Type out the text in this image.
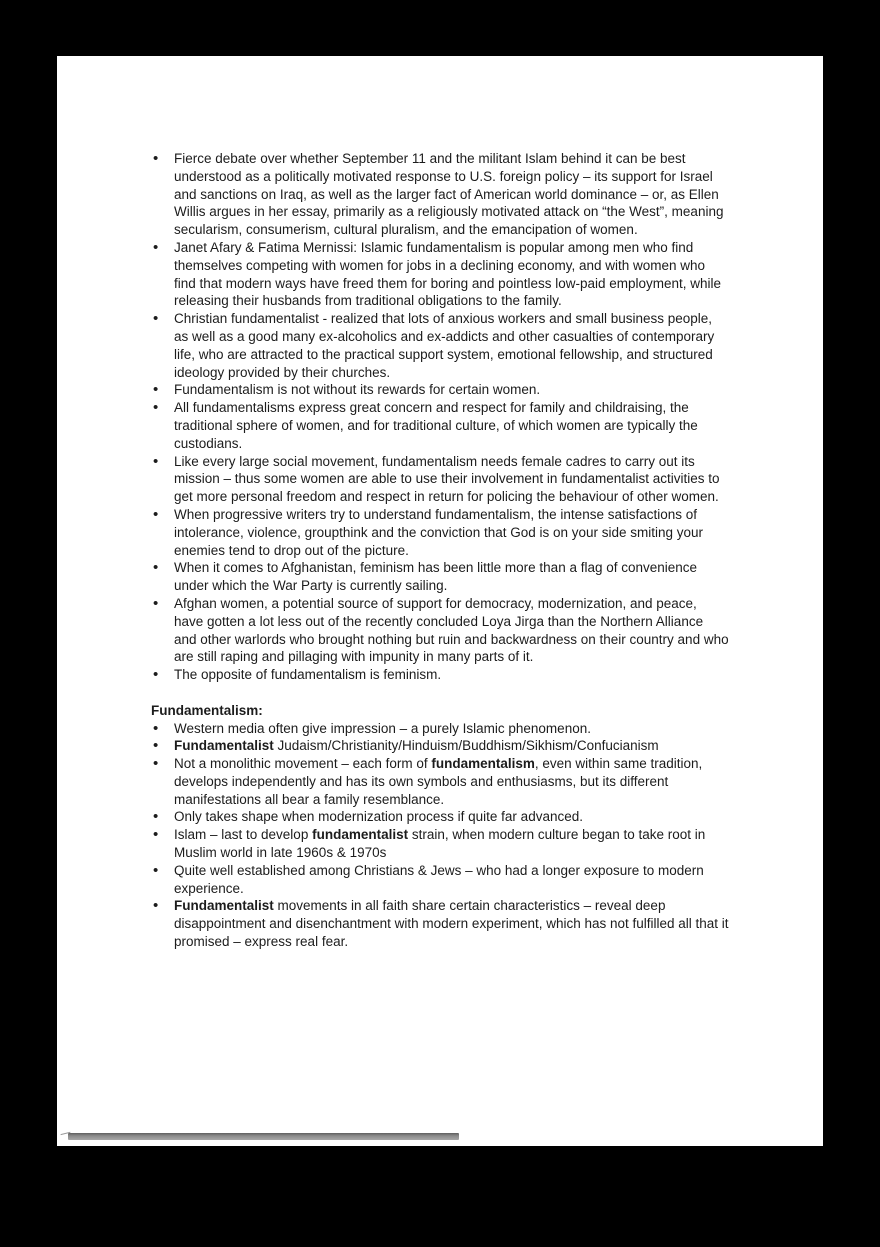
• Fierce debate over whether September 11 and the militant Islam behind it can be best understood as a politically motivated response to U.S. foreign policy – its support for Israel and sanctions on Iraq, as well as the larger fact of American world dominance – or, as Ellen Willis argues in her essay, primarily as a religiously motivated attack on “the West”, meaning secularism, consumerism, cultural pluralism, and the emancipation of women.
• Janet Afary & Fatima Mernissi: Islamic fundamentalism is popular among men who find themselves competing with women for jobs in a declining economy, and with women who find that modern ways have freed them for boring and pointless low-paid employment, while releasing their husbands from traditional obligations to the family.
• Christian fundamentalist - realized that lots of anxious workers and small business people, as well as a good many ex-alcoholics and ex-addicts and other casualties of contemporary life, who are attracted to the practical support system, emotional fellowship, and structured ideology provided by their churches.
• Fundamentalism is not without its rewards for certain women.
• All fundamentalisms express great concern and respect for family and childraising, the traditional sphere of women, and for traditional culture, of which women are typically the custodians.
• Like every large social movement, fundamentalism needs female cadres to carry out its mission – thus some women are able to use their involvement in fundamentalist activities to get more personal freedom and respect in return for policing the behaviour of other women.
• When progressive writers try to understand fundamentalism, the intense satisfactions of intolerance, violence, groupthink and the conviction that God is on your side smiting your enemies tend to drop out of the picture.
• When it comes to Afghanistan, feminism has been little more than a flag of convenience under which the War Party is currently sailing.
• Afghan women, a potential source of support for democracy, modernization, and peace, have gotten a lot less out of the recently concluded Loya Jirga than the Northern Alliance and other warlords who brought nothing but ruin and backwardness on their country and who are still raping and pillaging with impunity in many parts of it.
• The opposite of fundamentalism is feminism.
Fundamentalism:
• Western media often give impression – a purely Islamic phenomenon.
• Fundamentalist Judaism/Christianity/Hinduism/Buddhism/Sikhism/Confucianism
• Not a monolithic movement – each form of fundamentalism, even within same tradition, develops independently and has its own symbols and enthusiasms, but its different manifestations all bear a family resemblance.
• Only takes shape when modernization process if quite far advanced.
• Islam – last to develop fundamentalist strain, when modern culture began to take root in Muslim world in late 1960s & 1970s
• Quite well established among Christians & Jews – who had a longer exposure to modern experience.
• Fundamentalist movements in all faith share certain characteristics – reveal deep disappointment and disenchantment with modern experiment, which has not fulfilled all that it promised – express real fear.
